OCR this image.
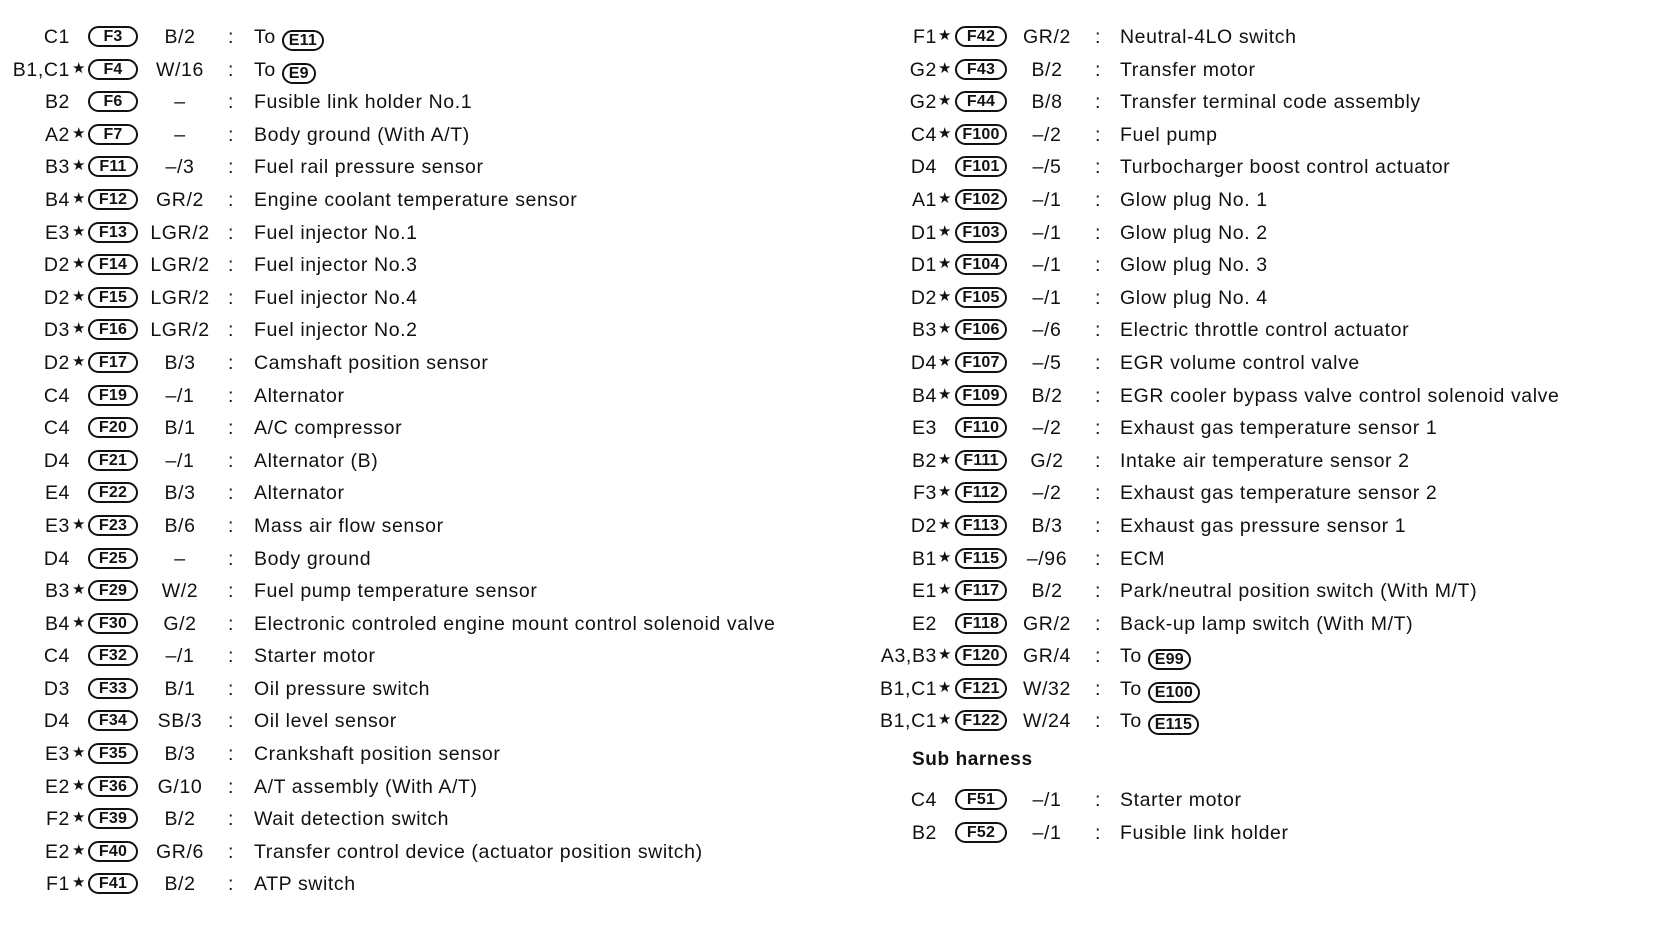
C1	F3	B/2	: To E11
B1,C1 ★	F4	W/16	: To E9
B2	F6	–	: Fusible link holder No.1
A2 ★	F7	–	: Body ground (With A/T)
B3 ★ F11	–/3	: Fuel rail pressure sensor
B4 ★ F12	GR/2	: Engine coolant temperature sensor
E3 ★ F13	LGR/2 : Fuel injector No.1
D2 ★ F14	LGR/2 : Fuel injector No.3
D2 ★ F15	LGR/2 : Fuel injector No.4
D3 ★ F16	LGR/2 : Fuel injector No.2
D2 ★ F17	B/3	: Camshaft position sensor
C4	F19	–/1	: Alternator
C4	F20	B/1	: A/C compressor
D4	F21	–/1	: Alternator (B)
E4	F22	B/3	: Alternator
E3 ★ F23	B/6	: Mass air flow sensor
D4	F25	–	: Body ground
B3 ★ F29	W/2	: Fuel pump temperature sensor
B4 ★ F30	G/2	: Electronic controled engine mount control solenoid valve
C4	F32	–/1	: Starter motor
D3	F33	B/1	: Oil pressure switch
D4	F34	SB/3	: Oil level sensor
E3 ★ F35	B/3	: Crankshaft position sensor
E2 ★ F36	G/10	: A/T assembly (With A/T)
F2 ★ F39	B/2	: Wait detection switch
E2 ★ F40	GR/6	: Transfer control device (actuator position switch)
F1 ★ F41	B/2	: ATP switch
F1 ★ F42	GR/2	: Neutral-4LO switch
G2 ★ F43	B/2	: Transfer motor
G2 ★ F44	B/8	: Transfer terminal code assembly
C4 ★ F100	–/2	: Fuel pump
D4	F101	–/5	: Turbocharger boost control actuator
A1 ★ F102	–/1	: Glow plug No. 1
D1 ★ F103	–/1	: Glow plug No. 2
D1 ★ F104	–/1	: Glow plug No. 3
D2 ★ F105	–/1	: Glow plug No. 4
B3 ★ F106	–/6	: Electric throttle control actuator
D4 ★ F107	–/5	: EGR volume control valve
B4 ★ F109	B/2	: EGR cooler bypass valve control solenoid valve
E3	F110	–/2	: Exhaust gas temperature sensor 1
B2 ★ F111	G/2	: Intake air temperature sensor 2
F3 ★ F112	–/2	: Exhaust gas temperature sensor 2
D2 ★ F113	B/3	: Exhaust gas pressure sensor 1
B1 ★ F115	–/96	: ECM
E1 ★ F117	B/2	: Park/neutral position switch (With M/T)
E2	F118	GR/2	: Back-up lamp switch (With M/T)
A3,B3 ★ F120	GR/4	: To E99
B1,C1 ★ F121	W/32	: To E100
B1,C1 ★ F122	W/24	: To E115
Sub harness
C4	F51	–/1	: Starter motor
B2	F52	–/1	: Fusible link holder
